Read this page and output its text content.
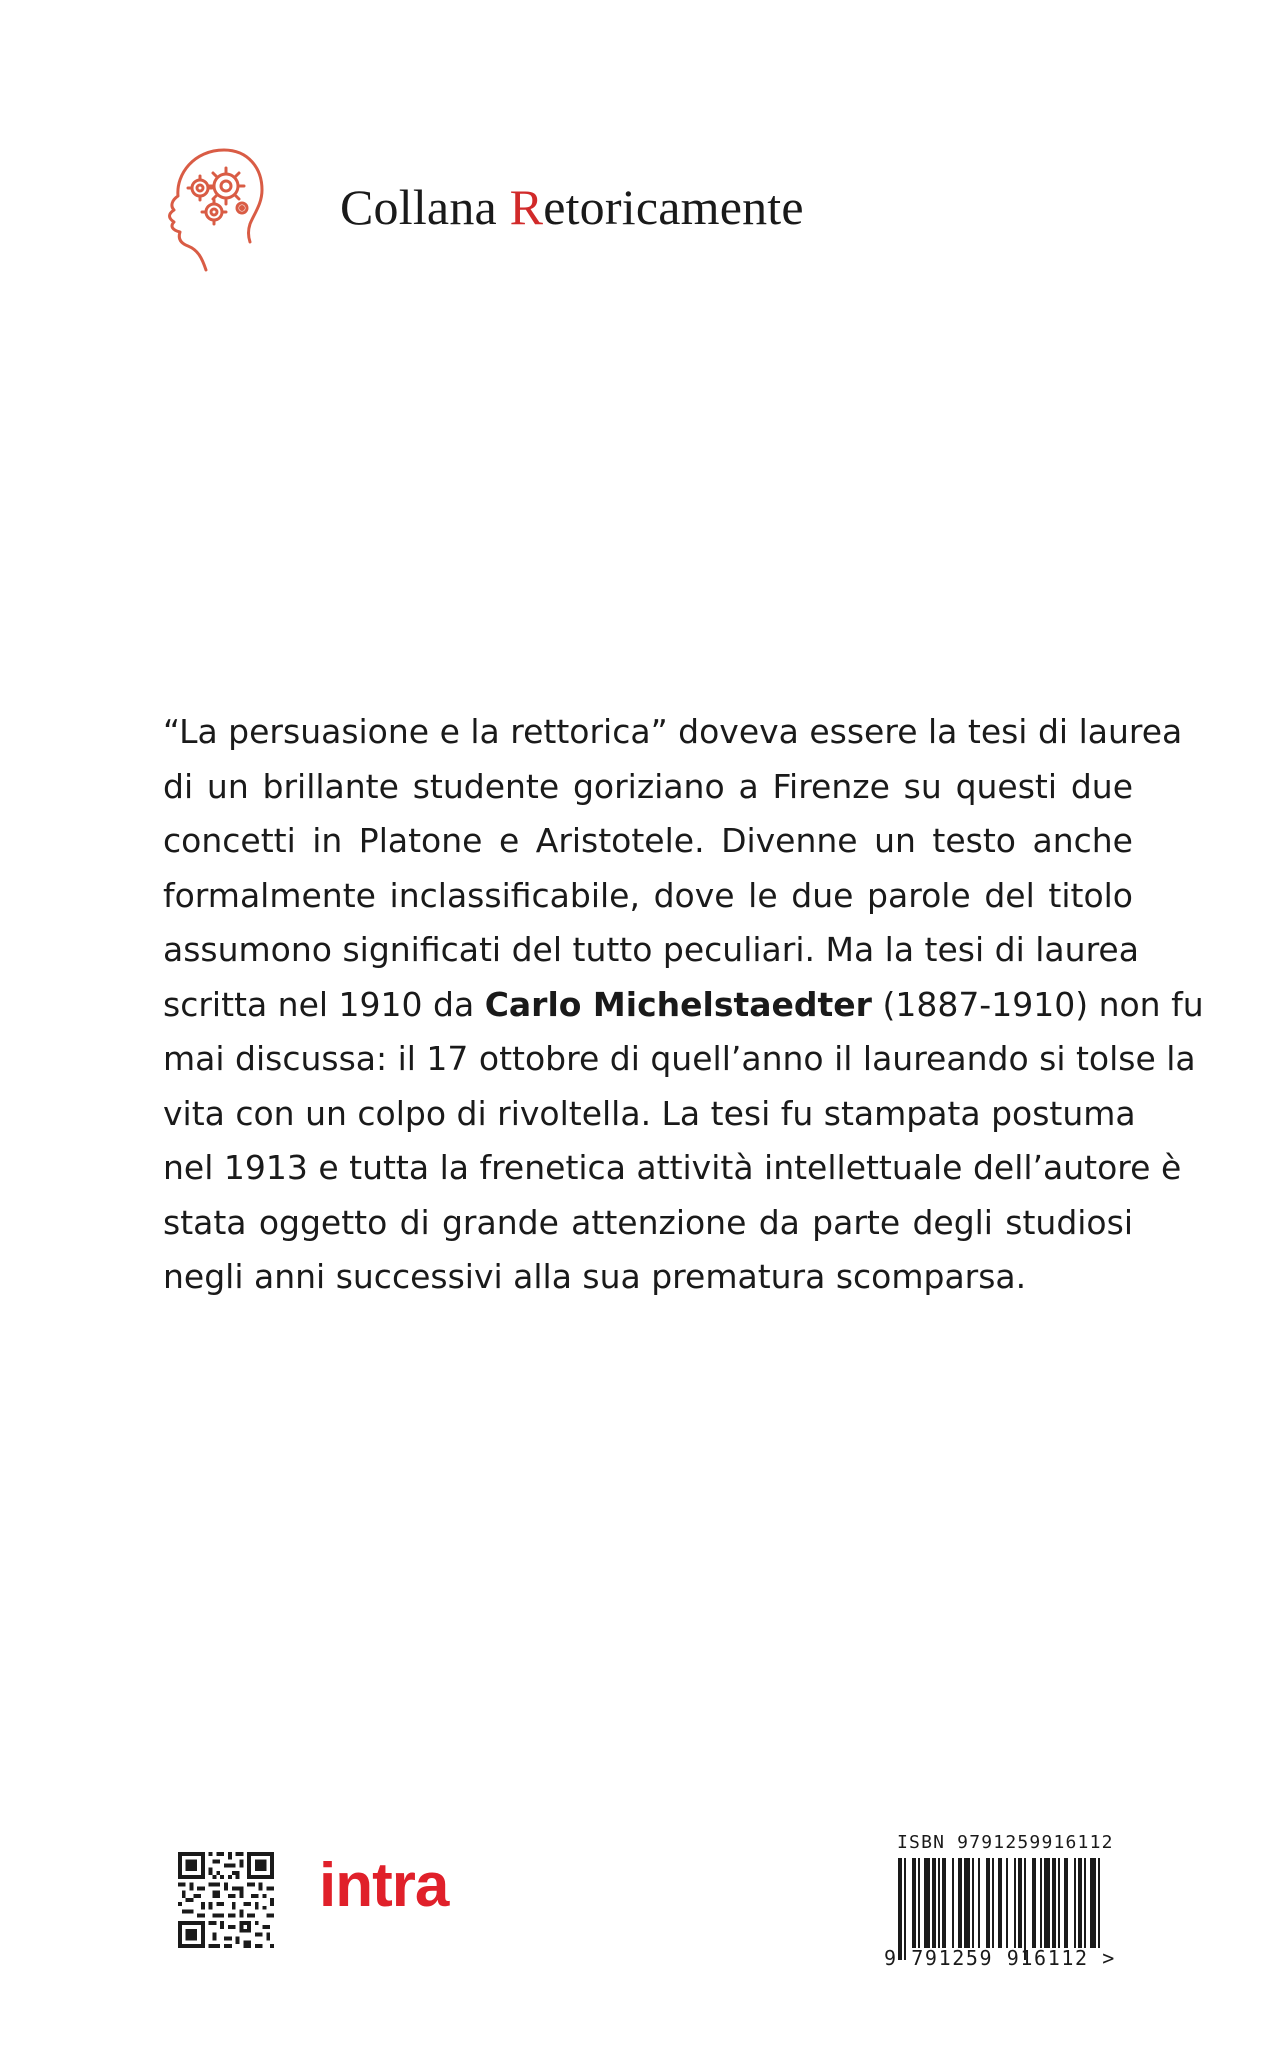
Collana Retoricamente
“La persuasione e la rettorica” doveva essere la tesi di laurea
di un brillante studente goriziano a Firenze su questi due
concetti in Platone e Aristotele. Divenne un testo anche
formalmente inclassificabile, dove le due parole del titolo
assumono significati del tutto peculiari. Ma la tesi di laurea
scritta nel 1910 da Carlo Michelstaedter (1887-1910) non fu
mai discussa: il 17 ottobre di quell’anno il laureando si tolse la
vita con un colpo di rivoltella. La tesi fu stampata postuma
nel 1913 e tutta la frenetica attività intellettuale dell’autore è
stata oggetto di grande attenzione da parte degli studiosi
negli anni successivi alla sua prematura scomparsa.
intra
ISBN 9791259916112
9 791259 916112 >
